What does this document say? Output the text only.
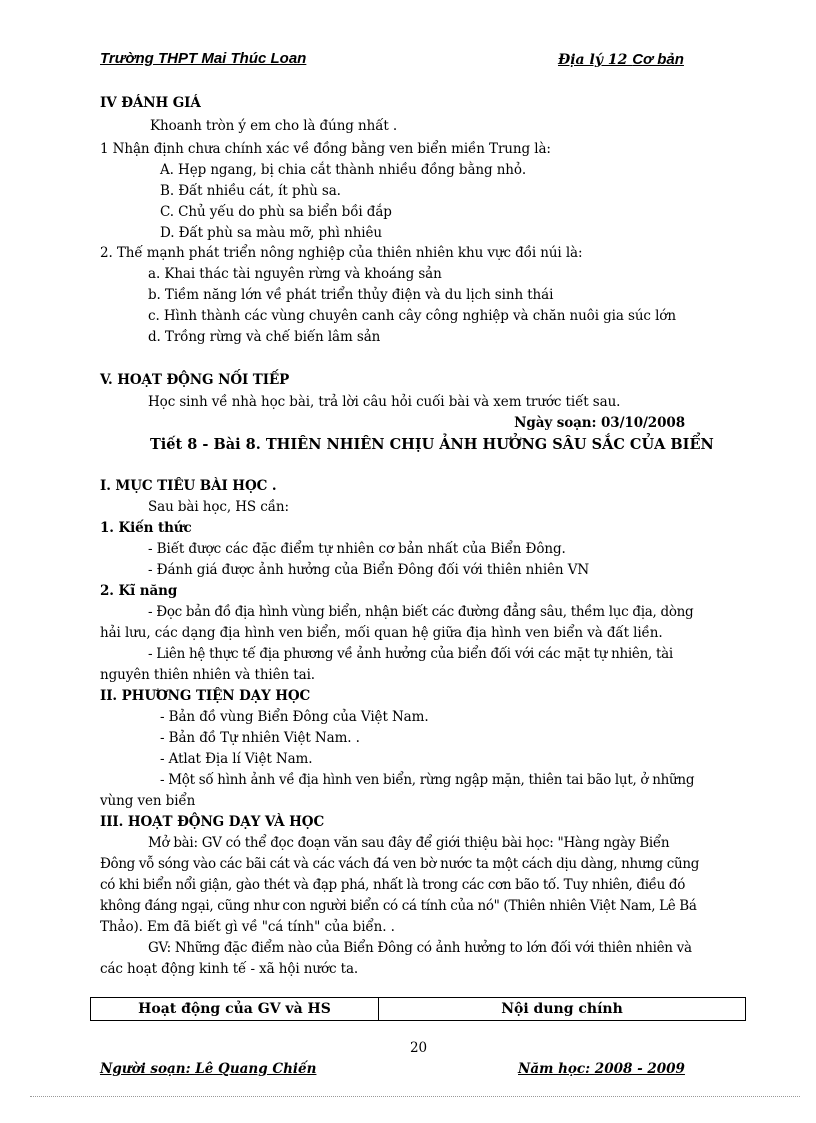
Trường THPT Mai Thúc Loan	Địa lý 12 Cơ bản
IV ĐÁNH GIÁ
Khoanh tròn ý em cho là đúng nhất .
1 Nhận định chưa chính xác về đồng bằng ven biển miền Trung là:
A. Hẹp ngang, bị chia cắt thành nhiều đồng bằng nhỏ.
B. Đất nhiều cát, ít phù sa.
C. Chủ yếu do phù sa biển bồi đắp
D. Đất phù sa màu mỡ, phì nhiêu
2. Thế mạnh phát triển nông nghiệp của thiên nhiên khu vực đồi núi là:
a. Khai thác tài nguyên rừng và khoáng sản
b. Tiềm năng lớn về phát triển thủy điện và du lịch sinh thái
c. Hình thành các vùng chuyên canh cây công nghiệp và chăn nuôi gia súc lớn
d. Trồng rừng và chế biến lâm sản
V. HOẠT ĐỘNG NỐI TIẾP
Học sinh về nhà học bài, trả lời câu hỏi cuối bài và xem trước tiết sau.
Ngày soạn: 03/10/2008
Tiết 8 - Bài 8. THIÊN NHIÊN CHỊU ẢNH HƯỞNG SÂU SẮC CỦA BIỂN
I. MỤC TIÊU BÀI HỌC .
Sau bài học, HS cần:
1. Kiến thức
- Biết được các đặc điểm tự nhiên cơ bản nhất của Biển Đông.
- Đánh giá được ảnh hưởng của Biển Đông đối với thiên nhiên VN
2. Kĩ năng
- Đọc bản đồ địa hình vùng biển, nhận biết các đường đẳng sâu, thềm lục địa, dòng
hải lưu, các dạng địa hình ven biển, mối quan hệ giữa địa hình ven biển và đất liền.
- Liên hệ thực tế địa phương về ảnh hưởng của biển đối với các mặt tự nhiên, tài
nguyên thiên nhiên và thiên tai.
II. PHƯƠNG TIỆN DẠY HỌC
- Bản đồ vùng Biển Đông của Việt Nam.
- Bản đồ Tự nhiên Việt Nam. .
- Atlat Địa lí Việt Nam.
- Một số hình ảnh về địa hình ven biển, rừng ngập mặn, thiên tai bão lụt, ở những
vùng ven biển
III. HOẠT ĐỘNG DẠY VÀ HỌC
Mở bài: GV có thể đọc đoạn văn sau đây để giới thiệu bài học: "Hàng ngày Biển
Đông vỗ sóng vào các bãi cát và các vách đá ven bờ nước ta một cách dịu dàng, nhưng cũng
có khi biển nổi giận, gào thét và đạp phá, nhất là trong các cơn bão tố. Tuy nhiên, điều đó
không đáng ngại, cũng như con người biển có cá tính của nó" (Thiên nhiên Việt Nam, Lê Bá
Thảo). Em đã biết gì về "cá tính" của biển. .
GV: Những đặc điểm nào của Biển Đông có ảnh hưởng to lớn đối với thiên nhiên và
các hoạt động kinh tế - xã hội nước ta.
Hoạt động của GV và HS	Nội dung chính
20
Người soạn: Lê Quang Chiến	Năm học: 2008 - 2009
